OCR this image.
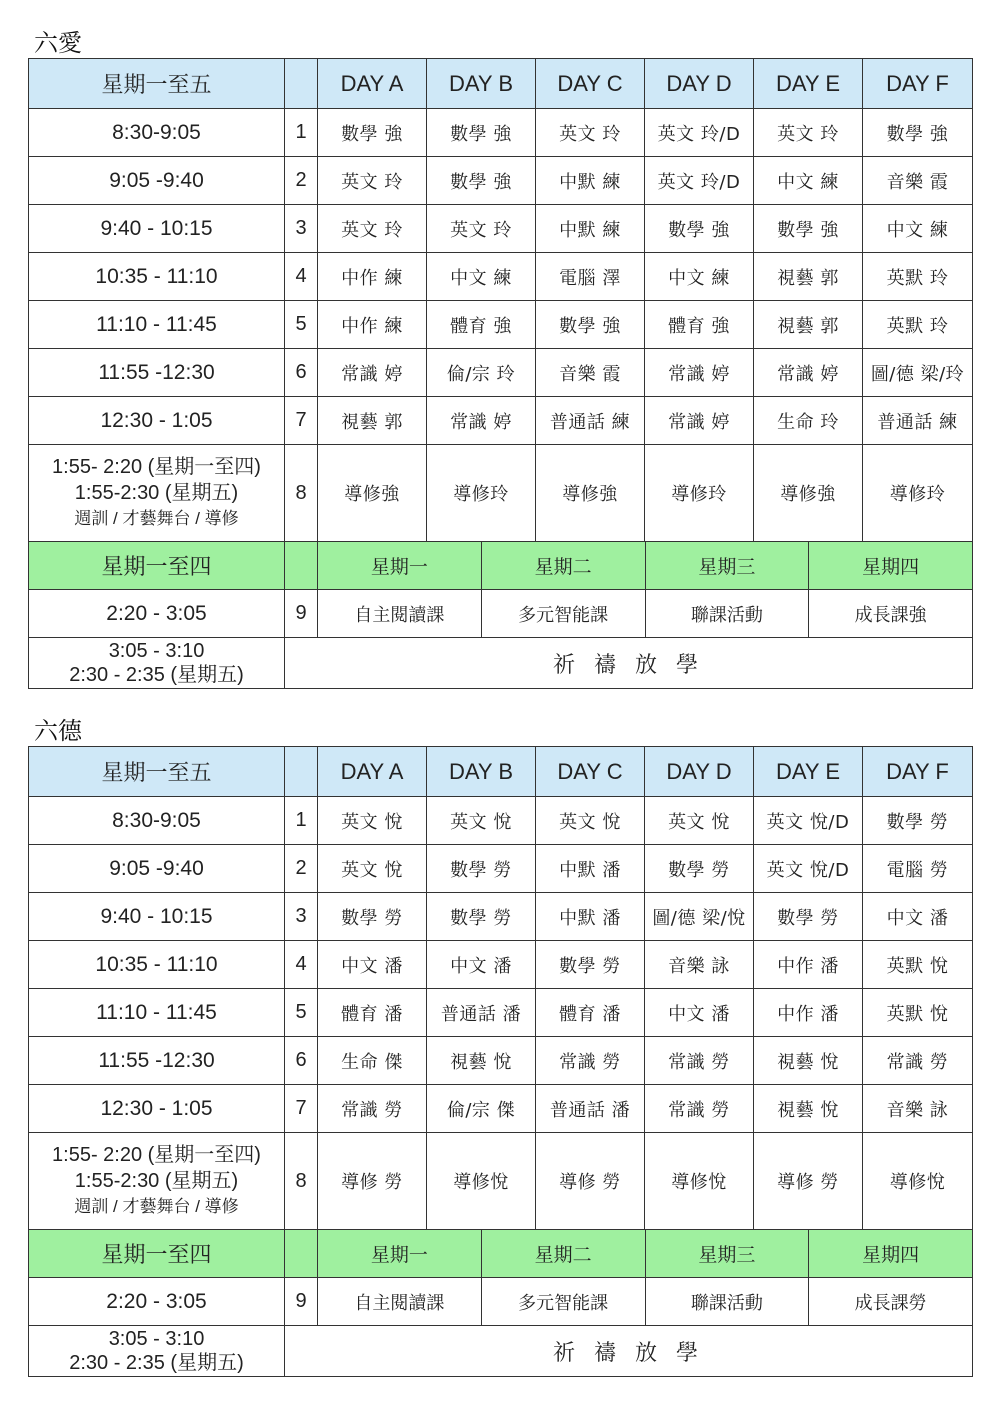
六愛
星期一至五		DAY A	DAY B	DAY C	DAY D	DAY E	DAY F
8:30-9:05	1	數學 強	數學 強	英文 玲	英文 玲/D	英文 玲	數學 強
9:05 -9:40	2	英文 玲	數學 強	中默 練	英文 玲/D	中文 練	音樂 霞
9:40 - 10:15	3	英文 玲	英文 玲	中默 練	數學 強	數學 強	中文 練
10:35 - 11:10	4	中作 練	中文 練	電腦 澤	中文 練	視藝 郭	英默 玲
11:10 - 11:45	5	中作 練	體育 強	數學 強	體育 強	視藝 郭	英默 玲
11:55 -12:30	6	常識 婷	倫/宗 玲	音樂 霞	常識 婷	常識 婷	圖/德 梁/玲
12:30 - 1:05	7	視藝 郭	常識 婷	普通話 練	常識 婷	生命 玲	普通話 練

1:55- 2:20 (星期一至四)
1:55-2:30 (星期五)
週訓 / 才藝舞台 / 導修	8	導修強	導修玲	導修強	導修玲	導修強	導修玲
星期一至四		星期一 星期二 星期三 星期四					

2:20 - 3:05	9	自主閱讀課 多元智能課 聯課活動 成長課強					

3:05 - 3:10
2:30 - 2:35 (星期五)	祈 禱 放 學						
六德
星期一至五		DAY A	DAY B	DAY C	DAY D	DAY E	DAY F
8:30-9:05	1	英文 悅	英文 悅	英文 悅	英文 悅	英文 悅/D	數學 勞
9:05 -9:40	2	英文 悅	數學 勞	中默 潘	數學 勞	英文 悅/D	電腦 勞
9:40 - 10:15	3	數學 勞	數學 勞	中默 潘	圖/德 梁/悅	數學 勞	中文 潘
10:35 - 11:10	4	中文 潘	中文 潘	數學 勞	音樂 詠	中作 潘	英默 悅
11:10 - 11:45	5	體育 潘	普通話 潘	體育 潘	中文 潘	中作 潘	英默 悅
11:55 -12:30	6	生命 傑	視藝 悅	常識 勞	常識 勞	視藝 悅	常識 勞
12:30 - 1:05	7	常識 勞	倫/宗 傑	普通話 潘	常識 勞	視藝 悅	音樂 詠

1:55- 2:20 (星期一至四)
1:55-2:30 (星期五)
週訓 / 才藝舞台 / 導修	8	導修 勞	導修悅	導修 勞	導修悅	導修 勞	導修悅
星期一至四		星期一 星期二 星期三 星期四					

2:20 - 3:05	9	自主閱讀課 多元智能課 聯課活動 成長課勞					

3:05 - 3:10
2:30 - 2:35 (星期五)	祈 禱 放 學						
